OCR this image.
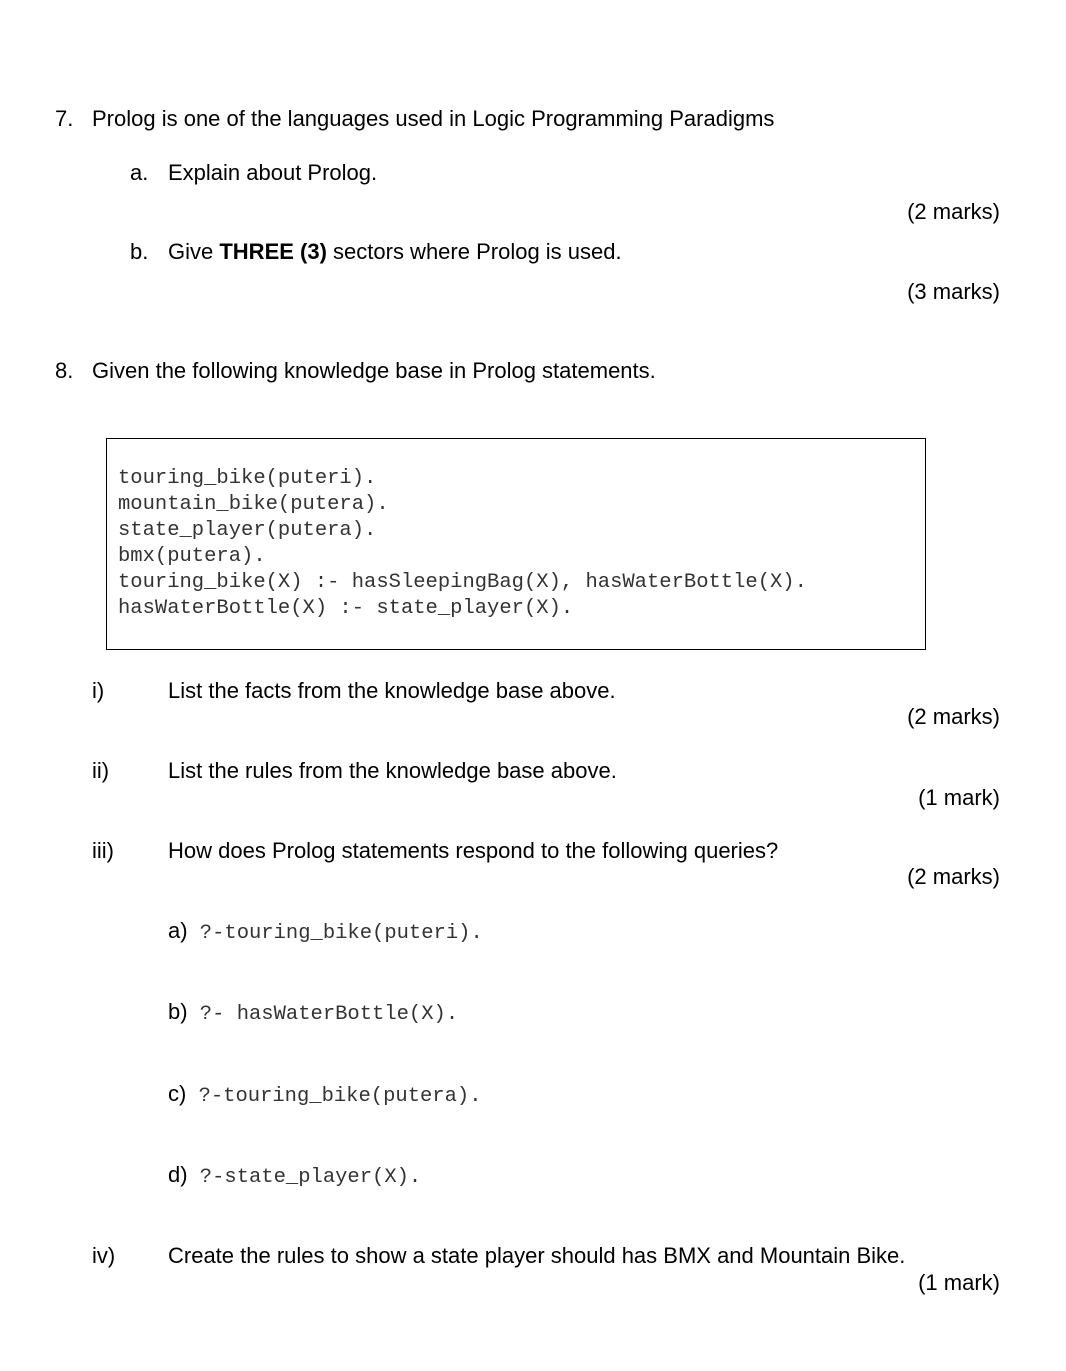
7. Prolog is one of the languages used in Logic Programming Paradigms
a. Explain about Prolog.
(2 marks)
b. Give THREE (3) sectors where Prolog is used.
(3 marks)
8. Given the following knowledge base in Prolog statements.
touring_bike(puteri).
mountain_bike(putera).
state_player(putera).
bmx(putera).
touring_bike(X) :- hasSleepingBag(X), hasWaterBottle(X).
hasWaterBottle(X) :- state_player(X).
i)	List the facts from the knowledge base above.
(2 marks)
ii)	List the rules from the knowledge base above.
(1 mark)
iii) How does Prolog statements respond to the following queries?
(2 marks)
a) ?-touring_bike(puteri).
b) ?- hasWaterBottle(X).
c) ?-touring_bike(putera).
d) ?-state_player(X).
iv) Create the rules to show a state player should has BMX and Mountain Bike.
(1 mark)
